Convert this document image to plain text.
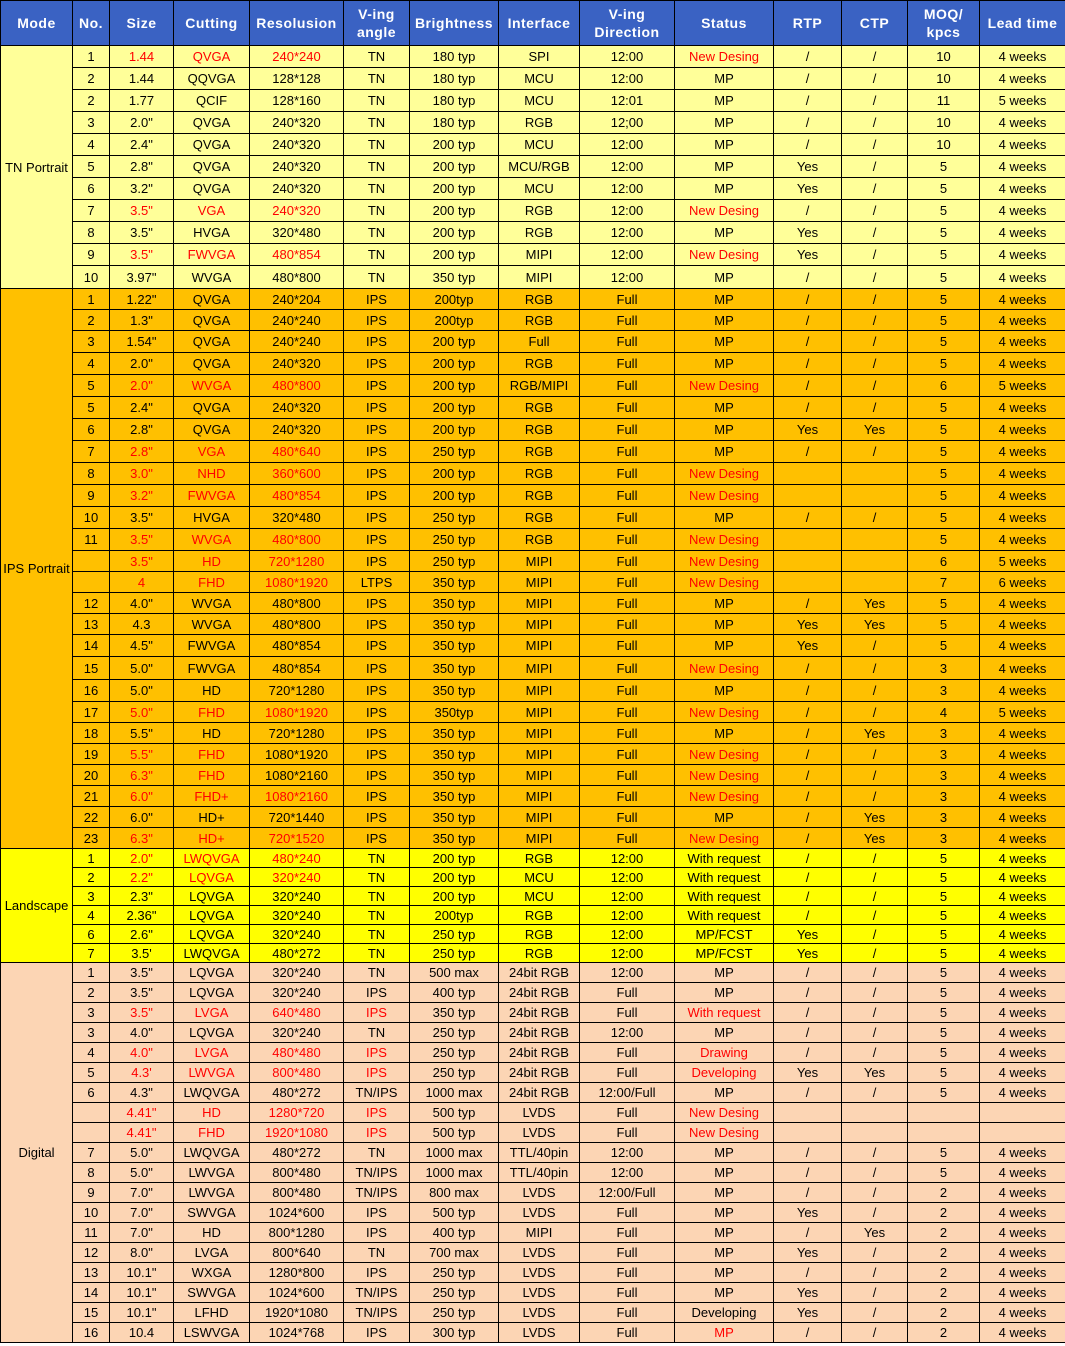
Mode	No.	Size	Cutting	Resolusion	V-ing angle	Brightness	Interface	V-ing Direction	Status	RTP	CTP	MOQ/ kpcs	Lead time
TN Portrait	1	1.44	QVGA	240*240	TN	180 typ	SPI	12:00	New Desing	/	/	10	4 weeks
	2	1.44	QQVGA	128*128	TN	180 typ	MCU	12:00	MP	/	/	10	4 weeks
	2	1.77	QCIF	128*160	TN	180 typ	MCU	12:01	MP	/	/	11	5 weeks
	3	2.0"	QVGA	240*320	TN	180 typ	RGB	12;00	MP	/	/	10	4 weeks
	4	2.4"	QVGA	240*320	TN	200 typ	MCU	12:00	MP	/	/	10	4 weeks
	5	2.8"	QVGA	240*320	TN	200 typ	MCU/RGB	12:00	MP	Yes	/	5	4 weeks
	6	3.2"	QVGA	240*320	TN	200 typ	MCU	12:00	MP	Yes	/	5	4 weeks
	7	3.5"	VGA	240*320	TN	200 typ	RGB	12:00	New Desing	/	/	5	4 weeks
	8	3.5"	HVGA	320*480	TN	200 typ	RGB	12:00	MP	Yes	/	5	4 weeks
	9	3.5"	FWVGA	480*854	TN	200 typ	MIPI	12:00	New Desing	Yes	/	5	4 weeks
	10	3.97"	WVGA	480*800	TN	350 typ	MIPI	12:00	MP	/	/	5	4 weeks
IPS Portrait	1	1.22"	QVGA	240*204	IPS	200typ	RGB	Full	MP	/	/	5	4 weeks
	2	1.3"	QVGA	240*240	IPS	200typ	RGB	Full	MP	/	/	5	4 weeks
	3	1.54"	QVGA	240*240	IPS	200 typ	Full	Full	MP	/	/	5	4 weeks
	4	2.0"	QVGA	240*320	IPS	200 typ	RGB	Full	MP	/	/	5	4 weeks
	5	2.0"	WVGA	480*800	IPS	200 typ	RGB/MIPI	Full	New Desing	/	/	6	5 weeks
	5	2.4"	QVGA	240*320	IPS	200 typ	RGB	Full	MP	/	/	5	4 weeks
	6	2.8"	QVGA	240*320	IPS	200 typ	RGB	Full	MP	Yes	Yes	5	4 weeks
	7	2.8"	VGA	480*640	IPS	250 typ	RGB	Full	MP	/	/	5	4 weeks
	8	3.0"	NHD	360*600	IPS	200 typ	RGB	Full	New Desing			5	4 weeks
	9	3.2"	FWVGA	480*854	IPS	200 typ	RGB	Full	New Desing			5	4 weeks
	10	3.5"	HVGA	320*480	IPS	250 typ	RGB	Full	MP	/	/	5	4 weeks
	11	3.5"	WVGA	480*800	IPS	250 typ	RGB	Full	New Desing			5	4 weeks
		3.5"	HD	720*1280	IPS	250 typ	MIPI	Full	New Desing			6	5 weeks
		4	FHD	1080*1920	LTPS	350 typ	MIPI	Full	New Desing			7	6 weeks
	12	4.0"	WVGA	480*800	IPS	350 typ	MIPI	Full	MP	/	Yes	5	4 weeks
	13	4.3	WVGA	480*800	IPS	350 typ	MIPI	Full	MP	Yes	Yes	5	4 weeks
	14	4.5"	FWVGA	480*854	IPS	350 typ	MIPI	Full	MP	Yes	/	5	4 weeks
	15	5.0"	FWVGA	480*854	IPS	350 typ	MIPI	Full	New Desing	/	/	3	4 weeks
	16	5.0"	HD	720*1280	IPS	350 typ	MIPI	Full	MP	/	/	3	4 weeks
	17	5.0"	FHD	1080*1920	IPS	350typ	MIPI	Full	New Desing	/	/	4	5 weeks
	18	5.5"	HD	720*1280	IPS	350 typ	MIPI	Full	MP	/	Yes	3	4 weeks
	19	5.5"	FHD	1080*1920	IPS	350 typ	MIPI	Full	New Desing	/	/	3	4 weeks
	20	6.3"	FHD	1080*2160	IPS	350 typ	MIPI	Full	New Desing	/	/	3	4 weeks
	21	6.0"	FHD+	1080*2160	IPS	350 typ	MIPI	Full	New Desing	/	/	3	4 weeks
	22	6.0"	HD+	720*1440	IPS	350 typ	MIPI	Full	MP	/	Yes	3	4 weeks
	23	6.3"	HD+	720*1520	IPS	350 typ	MIPI	Full	New Desing	/	Yes	3	4 weeks
Landscape	1	2.0"	LWQVGA	480*240	TN	200 typ	RGB	12:00	With request	/	/	5	4 weeks
	2	2.2"	LQVGA	320*240	TN	200 typ	MCU	12:00	With request	/	/	5	4 weeks
	3	2.3"	LQVGA	320*240	TN	200 typ	MCU	12:00	With request	/	/	5	4 weeks
	4	2.36"	LQVGA	320*240	TN	200typ	RGB	12:00	With request	/	/	5	4 weeks
	6	2.6"	LQVGA	320*240	TN	250 typ	RGB	12:00	MP/FCST	Yes	/	5	4 weeks
	7	3.5'	LWQVGA	480*272	TN	250 typ	RGB	12:00	MP/FCST	Yes	/	5	4 weeks
Digital	1	3.5"	LQVGA	320*240	TN	500 max	24bit RGB	12:00	MP	/	/	5	4 weeks
	2	3.5"	LQVGA	320*240	IPS	400 typ	24bit RGB	Full	MP	/	/	5	4 weeks
	3	3.5"	LVGA	640*480	IPS	350 typ	24bit RGB	Full	With request	/	/	5	4 weeks
	3	4.0"	LQVGA	320*240	TN	250 typ	24bit RGB	12:00	MP	/	/	5	4 weeks
	4	4.0"	LVGA	480*480	IPS	250 typ	24bit RGB	Full	Drawing	/	/	5	4 weeks
	5	4.3'	LWVGA	800*480	IPS	250 typ	24bit RGB	Full	Developing	Yes	Yes	5	4 weeks
	6	4.3"	LWQVGA	480*272	TN/IPS	1000 max	24bit RGB	12:00/Full	MP	/	/	5	4 weeks
		4.41"	HD	1280*720	IPS	500 typ	LVDS	Full	New Desing				
		4.41"	FHD	1920*1080	IPS	500 typ	LVDS	Full	New Desing				
	7	5.0"	LWQVGA	480*272	TN	1000 max	TTL/40pin	12:00	MP	/	/	5	4 weeks
	8	5.0"	LWVGA	800*480	TN/IPS	1000 max	TTL/40pin	12:00	MP	/	/	5	4 weeks
	9	7.0"	LWVGA	800*480	TN/IPS	800 max	LVDS	12:00/Full	MP	/	/	2	4 weeks
	10	7.0"	SWVGA	1024*600	IPS	500 typ	LVDS	Full	MP	Yes	/	2	4 weeks
	11	7.0"	HD	800*1280	IPS	400 typ	MIPI	Full	MP	/	Yes	2	4 weeks
	12	8.0"	LVGA	800*640	TN	700 max	LVDS	Full	MP	Yes	/	2	4 weeks
	13	10.1"	WXGA	1280*800	IPS	250 typ	LVDS	Full	MP	/	/	2	4 weeks
	14	10.1"	SWVGA	1024*600	TN/IPS	250 typ	LVDS	Full	MP	Yes	/	2	4 weeks
	15	10.1"	LFHD	1920*1080	TN/IPS	250 typ	LVDS	Full	Developing	Yes	/	2	4 weeks
	16	10.4	LSWVGA	1024*768	IPS	300 typ	LVDS	Full	MP	/	/	2	4 weeks
